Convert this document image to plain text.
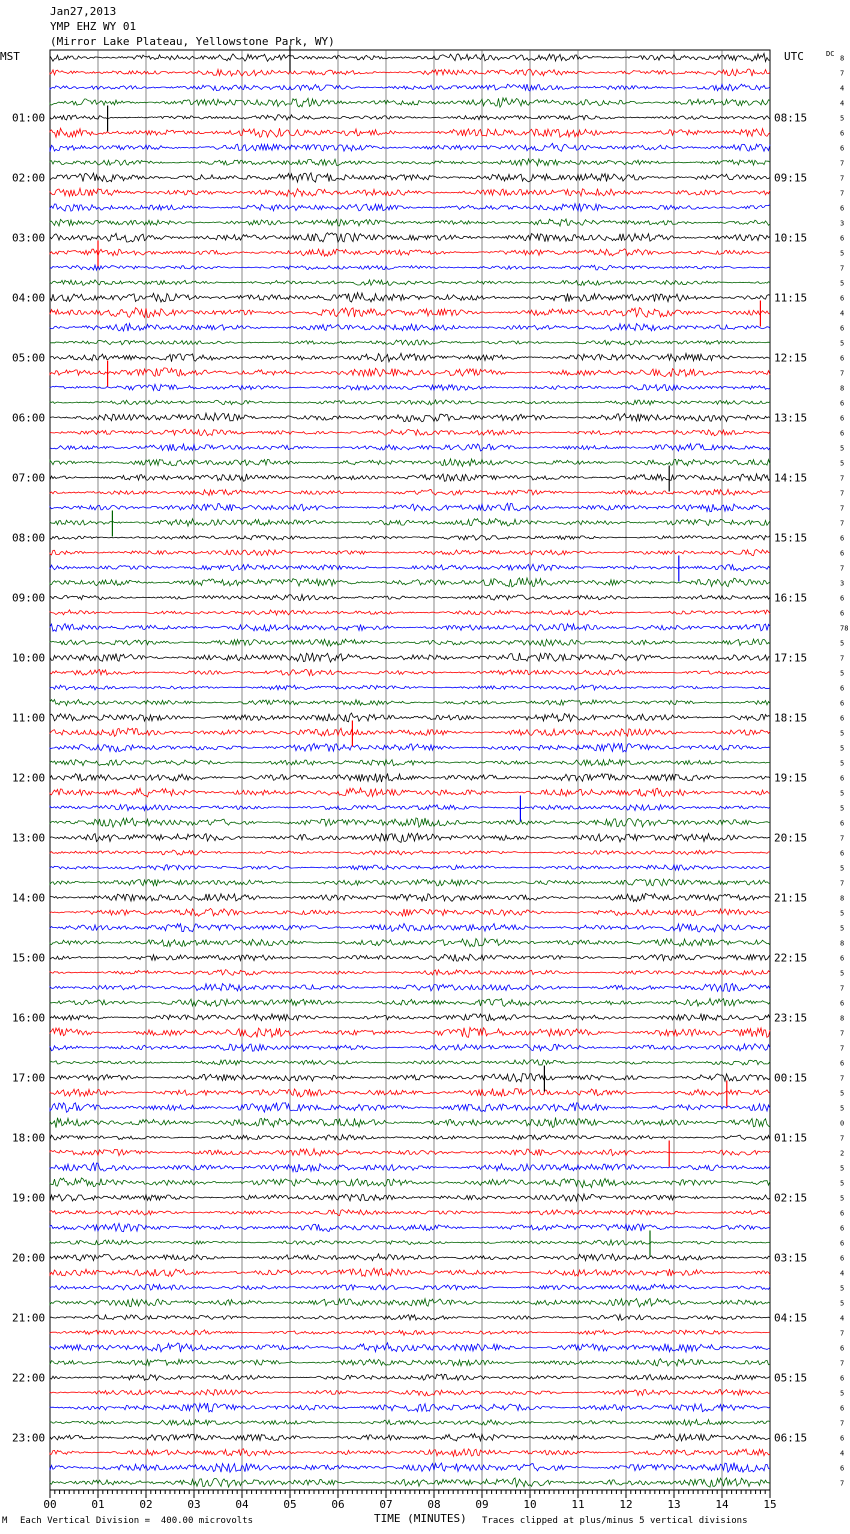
Jan27,2013
YMP EHZ WY 01
(Mirror Lake Plateau, Yellowstone Park, WY)
MST	UTC	DC
01:00
02:00
03:00
04:00
05:00
06:00
07:00
08:00
09:00
10:00
11:00
12:00
13:00
14:00
15:00
16:00
17:00
18:00
19:00
20:00
21:00
22:00
23:00
08:15
09:15
10:15
11:15
12:15
13:15
14:15
15:15
16:15
17:15
18:15
19:15
20:15
21:15
22:15
23:15
00:15
01:15
02:15
03:15
04:15
05:15
06:15
8
7
4
4
5
6
6
7
7
7
6
3
6
5
7
5
6
4
6
5
6
7
8
6
6
6
5
5
7
7
7
7
6
6
7
3
6
6
78
5
7
5
6
6
6
5
5
5
6
5
5
6
7
6
5
7
8
5
5
8
6
5
7
6
8
7
7
6
7
5
5
0
7
2
5
5
5
6
6
6
6
4
5
5
4
7
6
7
6
5
6
7
6
4
6
7
00	01	02	03	04	05	06	07	08	09	10	11	12	13	14	15
TIME (MINUTES)
M Each Vertical Division =  400.00 microvolts	Traces clipped at plus/minus 5 vertical divisions
